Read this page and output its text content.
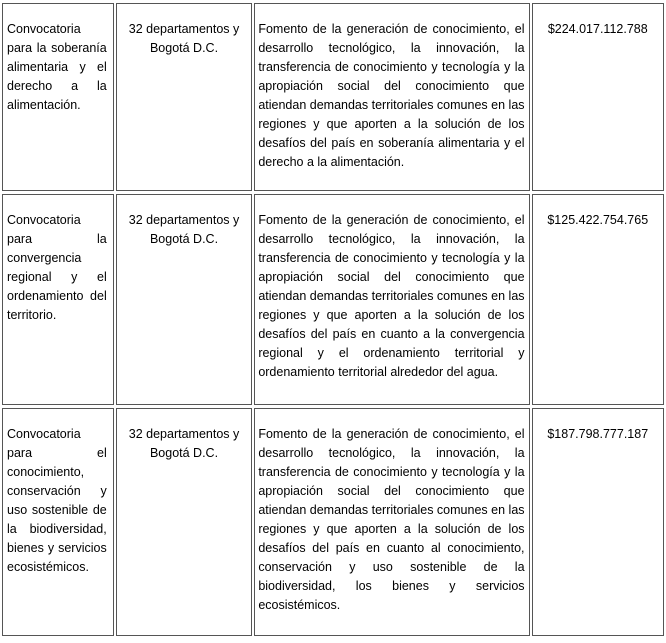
Convocatoria para la soberanía alimentaria y el derecho a la alimentación.	32 departamentos y Bogotá D.C.	Fomento de la generación de conocimiento, el desarrollo tecnológico, la innovación, la transferencia de conocimiento y tecnología y la apropiación social del conocimiento que atiendan demandas territoriales comunes en las regiones y que aporten a la solución de los desafíos del país en soberanía alimentaria y el derecho a la alimentación.	$224.017.112.788

Convocatoria para la convergencia regional y el ordenamiento del territorio.	32 departamentos y Bogotá D.C.	Fomento de la generación de conocimiento, el desarrollo tecnológico, la innovación, la transferencia de conocimiento y tecnología y la apropiación social del conocimiento que atiendan demandas territoriales comunes en las regiones y que aporten a la solución de los desafíos del país en cuanto a la convergencia regional y el ordenamiento territorial y ordenamiento territorial alrededor del agua.	$125.422.754.765

Convocatoria para el conocimiento, conservación y uso sostenible de la biodiversidad, bienes y servicios ecosistémicos.	32 departamentos y Bogotá D.C.	Fomento de la generación de conocimiento, el desarrollo tecnológico, la innovación, la transferencia de conocimiento y tecnología y la apropiación social del conocimiento que atiendan demandas territoriales comunes en las regiones y que aporten a la solución de los desafíos del país en cuanto al conocimiento, conservación y uso sostenible de la biodiversidad, los bienes y servicios ecosistémicos.	$187.798.777.187
